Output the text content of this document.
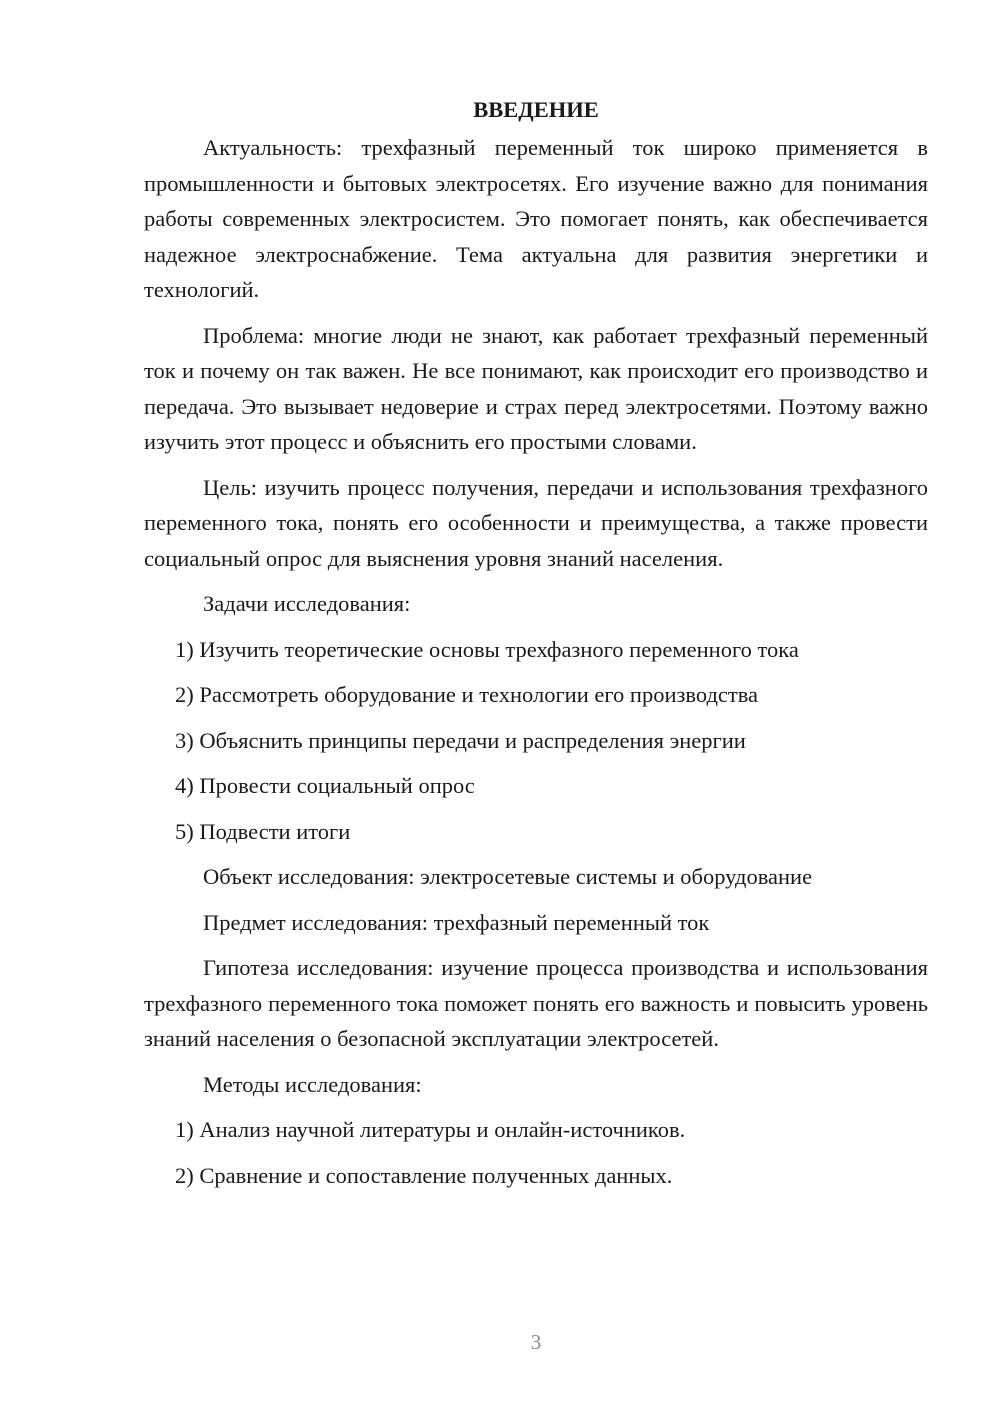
ВВЕДЕНИЕ
Актуальность: трехфазный переменный ток широко применяется в промышленности и бытовых электросетях. Его изучение важно для понимания работы современных электросистем. Это помогает понять, как обеспечивается надежное электроснабжение. Тема актуальна для развития энергетики и технологий.
Проблема: многие люди не знают, как работает трехфазный переменный ток и почему он так важен. Не все понимают, как происходит его производство и передача. Это вызывает недоверие и страх перед электросетями. Поэтому важно изучить этот процесс и объяснить его простыми словами.
Цель: изучить процесс получения, передачи и использования трехфазного переменного тока, понять его особенности и преимущества, а также провести социальный опрос для выяснения уровня знаний населения.
Задачи исследования:
1) Изучить теоретические основы трехфазного переменного тока
2) Рассмотреть оборудование и технологии его производства
3) Объяснить принципы передачи и распределения энергии
4) Провести социальный опрос
5) Подвести итоги
Объект исследования: электросетевые системы и оборудование
Предмет исследования: трехфазный переменный ток
Гипотеза исследования: изучение процесса производства и использования трехфазного переменного тока поможет понять его важность и повысить уровень знаний населения о безопасной эксплуатации электросетей.
Методы исследования:
1) Анализ научной литературы и онлайн-источников.
2) Сравнение и сопоставление полученных данных.
3
